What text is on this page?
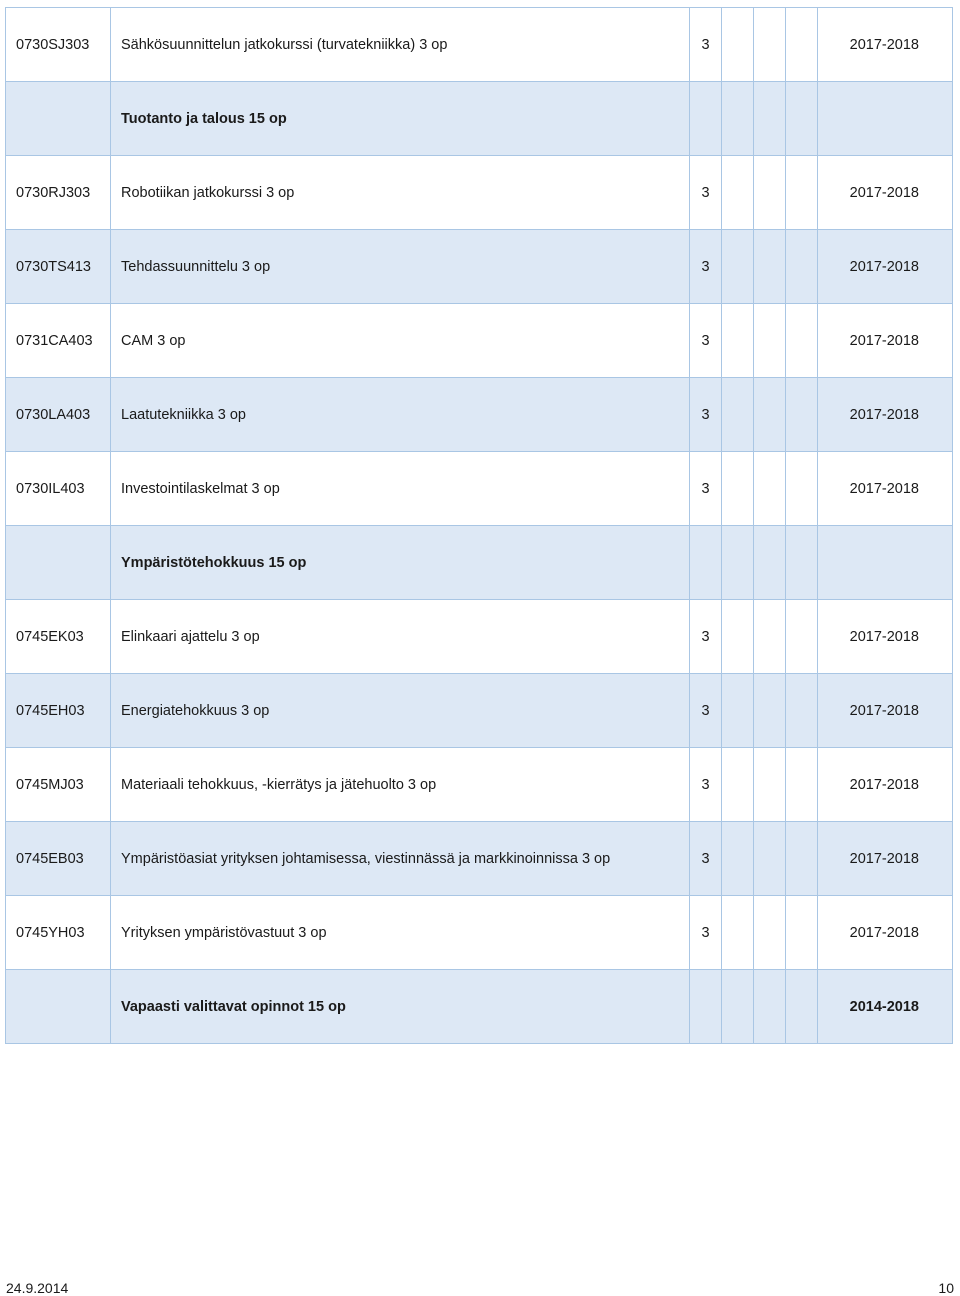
0730SJ303	Sähkösuunnittelun jatkokurssi (turvatekniikka) 3 op	3				2017-2018
	Tuotanto ja talous 15 op					
0730RJ303	Robotiikan jatkokurssi 3 op	3				2017-2018
0730TS413	Tehdassuunnittelu 3 op	3				2017-2018
0731CA403	CAM 3 op	3				2017-2018
0730LA403	Laatutekniikka 3 op	3				2017-2018
0730IL403	Investointilaskelmat 3 op	3				2017-2018
	Ympäristötehokkuus 15 op					
0745EK03	Elinkaari ajattelu 3 op	3				2017-2018
0745EH03	Energiatehokkuus 3 op	3				2017-2018
0745MJ03	Materiaali tehokkuus, -kierrätys ja jätehuolto 3 op	3				2017-2018
0745EB03	Ympäristöasiat yrityksen johtamisessa, viestinnässä ja markkinoinnissa 3 op	3				2017-2018
0745YH03	Yrityksen ympäristövastuut 3 op	3				2017-2018
	Vapaasti valittavat opinnot 15 op					2014-2018
24.9.2014	10
